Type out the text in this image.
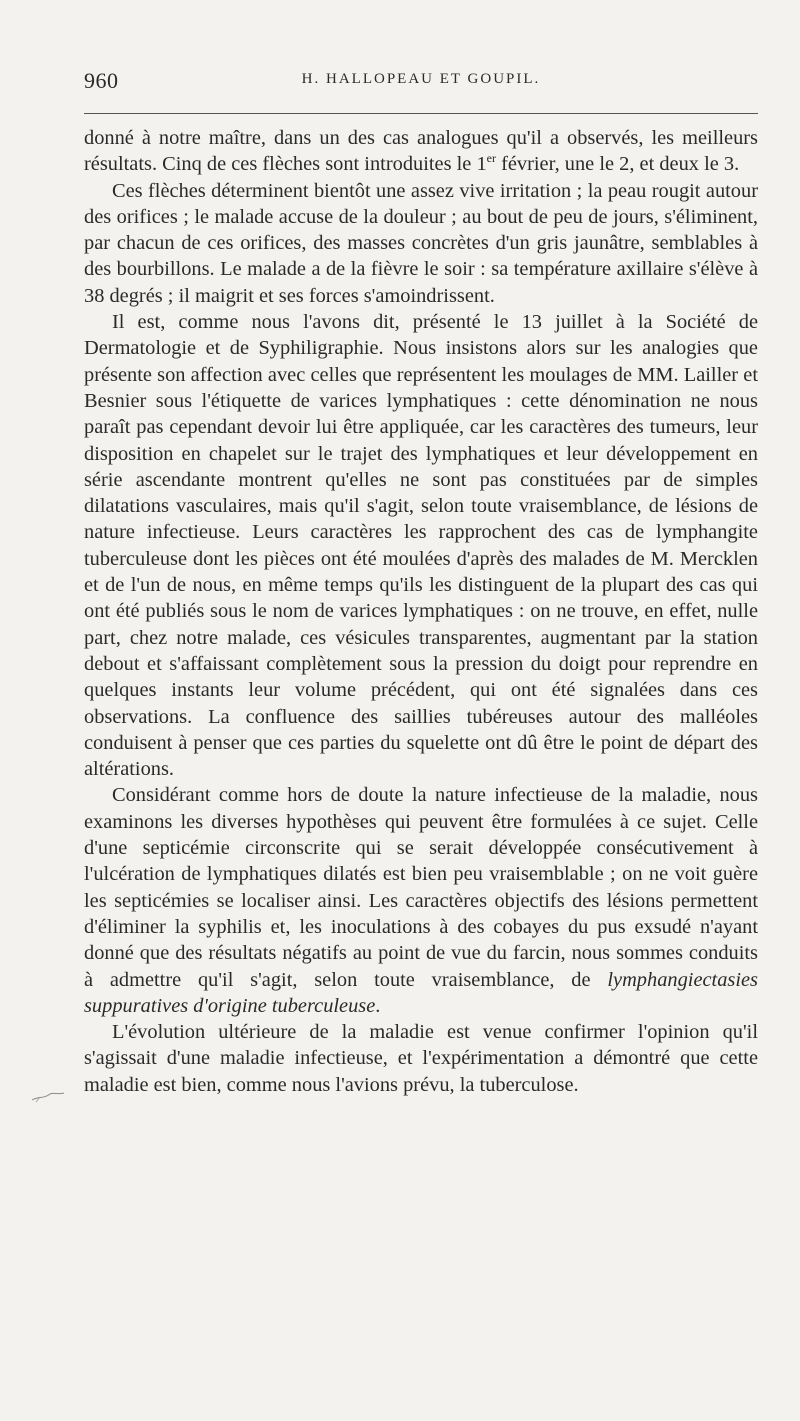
960	H. HALLOPEAU ET GOUPIL.

donné à notre maître, dans un des cas analogues qu'il a observés, les meilleurs résultats. Cinq de ces flèches sont introduites le 1er février, une le 2, et deux le 3.

Ces flèches déterminent bientôt une assez vive irritation ; la peau rougit autour des orifices ; le malade accuse de la douleur ; au bout de peu de jours, s'éliminent, par chacun de ces orifices, des masses concrètes d'un gris jaunâtre, semblables à des bourbillons. Le malade a de la fièvre le soir : sa température axillaire s'élève à 38 degrés ; il maigrit et ses forces s'amoindrissent.

Il est, comme nous l'avons dit, présenté le 13 juillet à la Société de Dermatologie et de Syphiligraphie. Nous insistons alors sur les analogies que présente son affection avec celles que représentent les moulages de MM. Lailler et Besnier sous l'étiquette de varices lymphatiques : cette dénomination ne nous paraît pas cependant devoir lui être appliquée, car les caractères des tumeurs, leur disposition en chapelet sur le trajet des lymphatiques et leur développement en série ascendante montrent qu'elles ne sont pas constituées par de simples dilatations vasculaires, mais qu'il s'agit, selon toute vraisemblance, de lésions de nature infectieuse. Leurs caractères les rapprochent des cas de lymphangite tuberculeuse dont les pièces ont été moulées d'après des malades de M. Mercklen et de l'un de nous, en même temps qu'ils les distinguent de la plupart des cas qui ont été publiés sous le nom de varices lymphatiques : on ne trouve, en effet, nulle part, chez notre malade, ces vésicules transparentes, augmentant par la station debout et s'affaissant complètement sous la pression du doigt pour reprendre en quelques instants leur volume précédent, qui ont été signalées dans ces observations. La confluence des saillies tubéreuses autour des malléoles conduisent à penser que ces parties du squelette ont dû être le point de départ des altérations.

Considérant comme hors de doute la nature infectieuse de la maladie, nous examinons les diverses hypothèses qui peuvent être formulées à ce sujet. Celle d'une septicémie circonscrite qui se serait développée consécutivement à l'ulcération de lymphatiques dilatés est bien peu vraisemblable ; on ne voit guère les septicémies se localiser ainsi. Les caractères objectifs des lésions permettent d'éliminer la syphilis et, les inoculations à des cobayes du pus exsudé n'ayant donné que des résultats négatifs au point de vue du farcin, nous sommes conduits à admettre qu'il s'agit, selon toute vraisemblance, de lymphangiectasies suppuratives d'origine tuberculeuse.

L'évolution ultérieure de la maladie est venue confirmer l'opinion qu'il s'agissait d'une maladie infectieuse, et l'expérimentation a démontré que cette maladie est bien, comme nous l'avions prévu, la tuberculose.
